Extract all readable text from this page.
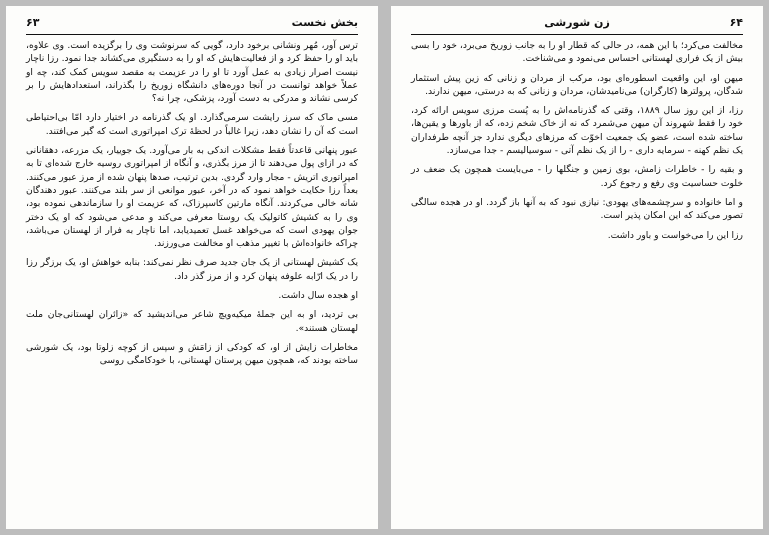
۶۳	بخش نخست

ترس آور، مُهر ونشانی برخود دارد، گویی که سرنوشت وی را برگزیده است. وی علاوه، باید او را حفظ کرد و از فعالیت‌هایش که او را به دستگیری می‌کشاند جدا نمود. رزا ناچار نیست اصرار زیادی به عمل آورد تا او را در عزیمت به مقصد سویس کمک کند، چه او عملاً خواهد توانست در آنجا دوره‌های دانشگاه زوریخ را بگذراند، استعدادهایش را بر کرسی نشاند و مدرکی به دست آورد، پزشکی، چرا نه؟

مسی ماک که سرز رایشت سرمی‌گذارد. او یک گذرنامه در اختیار دارد امّا بی‌احتیاطی است که آن را نشان دهد، زیرا غالباً در لحظهٔ ترک امپراتوری است که گیر می‌افتند.

عبور پنهانی قاعدتاً فقط مشکلات اندکی به بار می‌آورد. یک جوییار، یک مزرعه، دهقانانی که در ازای پول می‌دهند تا از مرز بگذری، و آنگاه از امپراتوری روسیه خارج شده‌ای تا به امپراتوری اتریش - مجار وارد گردی. بدین ترتیب، صدها پنهان شده از مرز عبور می‌کنند. بعداً رزا حکایت خواهد نمود که در آخر، عبور موانعی از سر بلند می‌کنند. عبور دهندگان شانه خالی می‌کردند. آنگاه مارتین کاسپرزاک، که عزیمت او را سازماندهی نموده بود، وی را به کشیش کاتولیک یک روستا معرفی می‌کند و مدعی می‌شود که او یک دختر جوان یهودی است که می‌خواهد غسل تعمیدیابد، اما ناچار به فرار از لهستان می‌باشد، چراکه خانواده‌اش با تغییر مذهب او مخالفت می‌ورزند.

یک کشیش لهستانی از یک جان جدید صرف نظر نمی‌کند: بنابه خواهش او، یک برزگر رزا را در یک ارّابه علوفه پنهان کرد و از مرز گذر داد.

او هجده سال داشت.

بی تردید، او به این جملهٔ میکیه‌ویچ شاعر می‌اندیشید که «زائران لهستانی‌جان ملت لهستان هستند».

مخاطرات زایش از او، که کودکی از زامَش و سپس از کوچه زلوتا بود، یک شورشی ساخته بودند که، همچون میهن پرستان لهستانی، با خودکامگی روسی

۶۴
زن شورشی

مخالفت می‌کرد؛ با این همه، در حالی که قطار او را به جانب زوریخ می‌برد، خود را بسی بیش از یک فراری لهستانی احساس می‌نمود و می‌شناخت.

میهن او، این واقعیت اسطوره‌ای بود، مرکب از مردان و زنانی که زین پیش استثمار شدگان، پرولترها (کارگران) می‌نامیدشان، مردان و زنانی که به درستی، میهن ندارند.

رزا، از این روز سال ۱۸۸۹، وقتی که گذرنامه‌اش را به پُست مرزی سویس ارائه کرد، خود را فقط شهروند آن میهن می‌شمرد که نه از خاک شخم زده، که از باورها و یقین‌ها، ساخته شده است، عضو یک جمعیت اخوّت که مرزهای دیگری ندارد جز آنچه طرفداران یک نظم کهنه - سرمایه داری - را از یک نظم آتی - سوسیالیسم - جدا می‌سازد.

و بقیه را - خاطرات زامش، بوی زمین و جنگلها را - می‌بایست همچون یک ضعف در خلوت حساسیت وی رفع و رجوع کرد.

و اما خانواده و سرچشمه‌های یهودی: نیازی نبود که به آنها باز گردد. او در هجده سالگی تصور می‌کند که این امکان پذیر است.

رزا این را می‌خواست و باور داشت.
